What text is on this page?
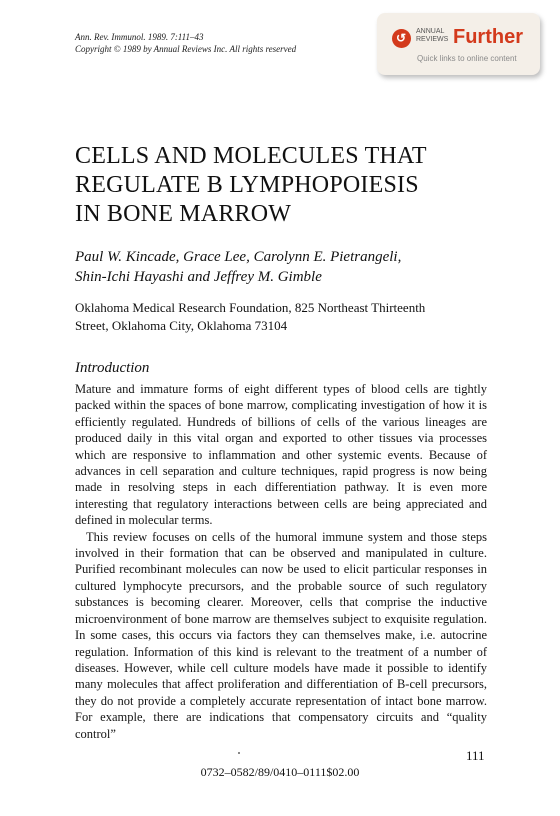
Ann. Rev. Immunol. 1989. 7:111–43
Copyright © 1989 by Annual Reviews Inc. All rights reserved
↺ ANNUAL
REVIEWS Further
Quick links to online content
CELLS AND MOLECULES THAT
REGULATE B LYMPHOPOIESIS
IN BONE MARROW
Paul W. Kincade, Grace Lee, Carolynn E. Pietrangeli,
Shin-Ichi Hayashi and Jeffrey M. Gimble
Oklahoma Medical Research Foundation, 825 Northeast Thirteenth
Street, Oklahoma City, Oklahoma 73104
Introduction

Mature and immature forms of eight different types of blood cells are tightly packed within the spaces of bone marrow, complicating investigation of how it is efficiently regulated. Hundreds of billions of cells of the various lineages are produced daily in this vital organ and exported to other tissues via processes which are responsive to inflammation and other systemic events. Because of advances in cell separation and culture techniques, rapid progress is now being made in resolving steps in each differentiation pathway. It is even more interesting that regulatory interactions between cells are being appreciated and defined in molecular terms.

This review focuses on cells of the humoral immune system and those steps involved in their formation that can be observed and manipulated in culture. Purified recombinant molecules can now be used to elicit particular responses in cultured lymphocyte precursors, and the probable source of such regulatory substances is becoming clearer. Moreover, cells that comprise the inductive microenvironment of bone marrow are themselves subject to exquisite regulation. In some cases, this occurs via factors they can themselves make, i.e. autocrine regulation. Information of this kind is relevant to the treatment of a number of diseases. However, while cell culture models have made it possible to identify many molecules that affect proliferation and differentiation of B-cell precursors, they do not provide a completely accurate representation of intact bone marrow. For example, there are indications that compensatory circuits and “quality control”

111
0732–0582/89/0410–0111$02.00
